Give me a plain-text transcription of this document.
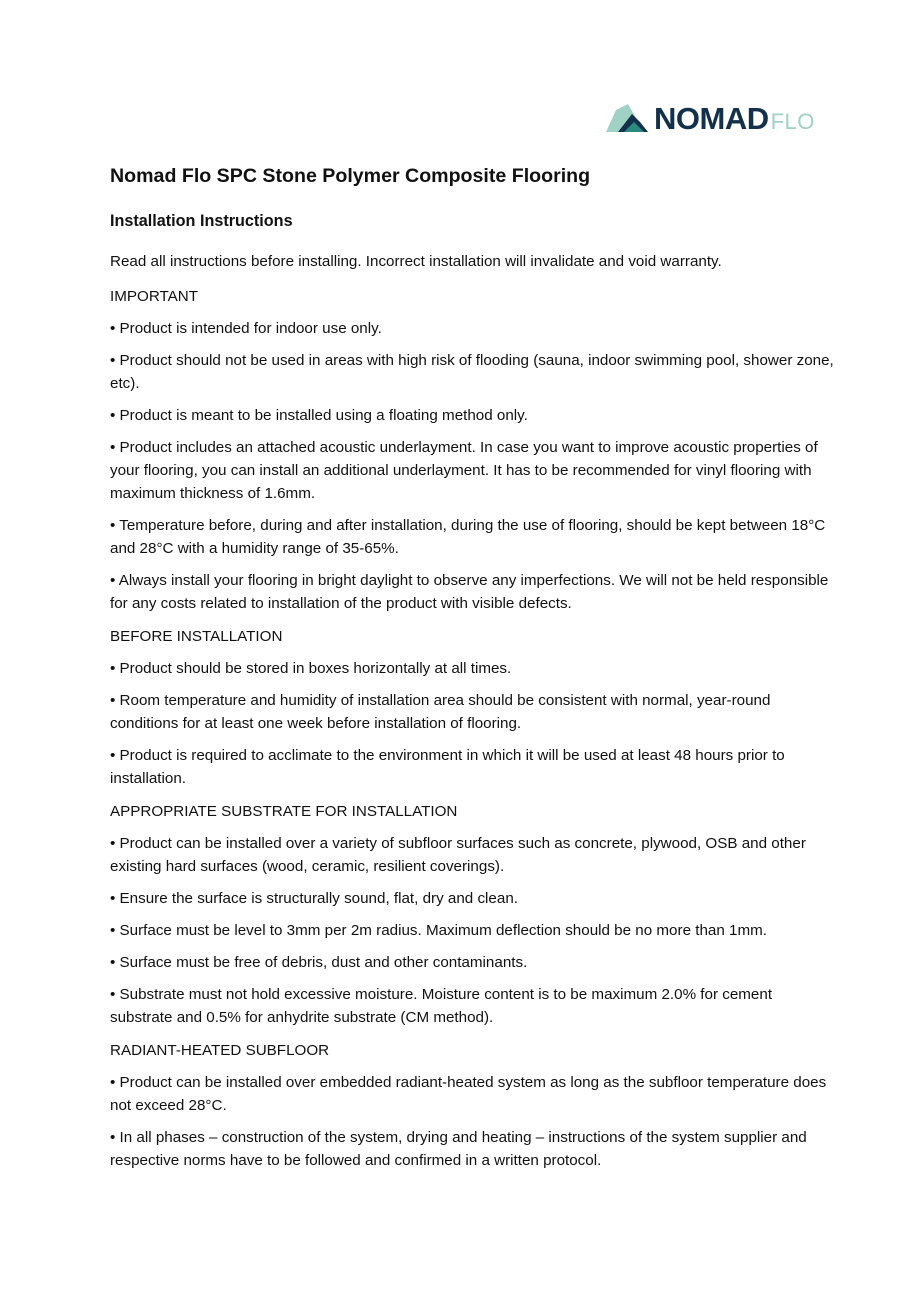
NOMAD FLO
Nomad Flo SPC Stone Polymer Composite Flooring
Installation Instructions

Read all instructions before installing. Incorrect installation will invalidate and void warranty.

IMPORTANT

• Product is intended for indoor use only.

• Product should not be used in areas with high risk of flooding (sauna, indoor swimming pool, shower zone, etc).

• Product is meant to be installed using a floating method only.

• Product includes an attached acoustic underlayment. In case you want to improve acoustic properties of your flooring, you can install an additional underlayment. It has to be recommended for vinyl flooring with maximum thickness of 1.6mm.

• Temperature before, during and after installation, during the use of flooring, should be kept between 18°C and 28°C with a humidity range of 35-65%.

• Always install your flooring in bright daylight to observe any imperfections. We will not be held responsible for any costs related to installation of the product with visible defects.

BEFORE INSTALLATION

• Product should be stored in boxes horizontally at all times.

• Room temperature and humidity of installation area should be consistent with normal, year-round conditions for at least one week before installation of flooring.

• Product is required to acclimate to the environment in which it will be used at least 48 hours prior to installation.

APPROPRIATE SUBSTRATE FOR INSTALLATION

• Product can be installed over a variety of subfloor surfaces such as concrete, plywood, OSB and other existing hard surfaces (wood, ceramic, resilient coverings).

• Ensure the surface is structurally sound, flat, dry and clean.

• Surface must be level to 3mm per 2m radius. Maximum deflection should be no more than 1mm.

• Surface must be free of debris, dust and other contaminants.

• Substrate must not hold excessive moisture. Moisture content is to be maximum 2.0% for cement substrate and 0.5% for anhydrite substrate (CM method).

RADIANT-HEATED SUBFLOOR

• Product can be installed over embedded radiant-heated system as long as the subfloor temperature does not exceed 28°C.

• In all phases – construction of the system, drying and heating – instructions of the system supplier and respective norms have to be followed and confirmed in a written protocol.
